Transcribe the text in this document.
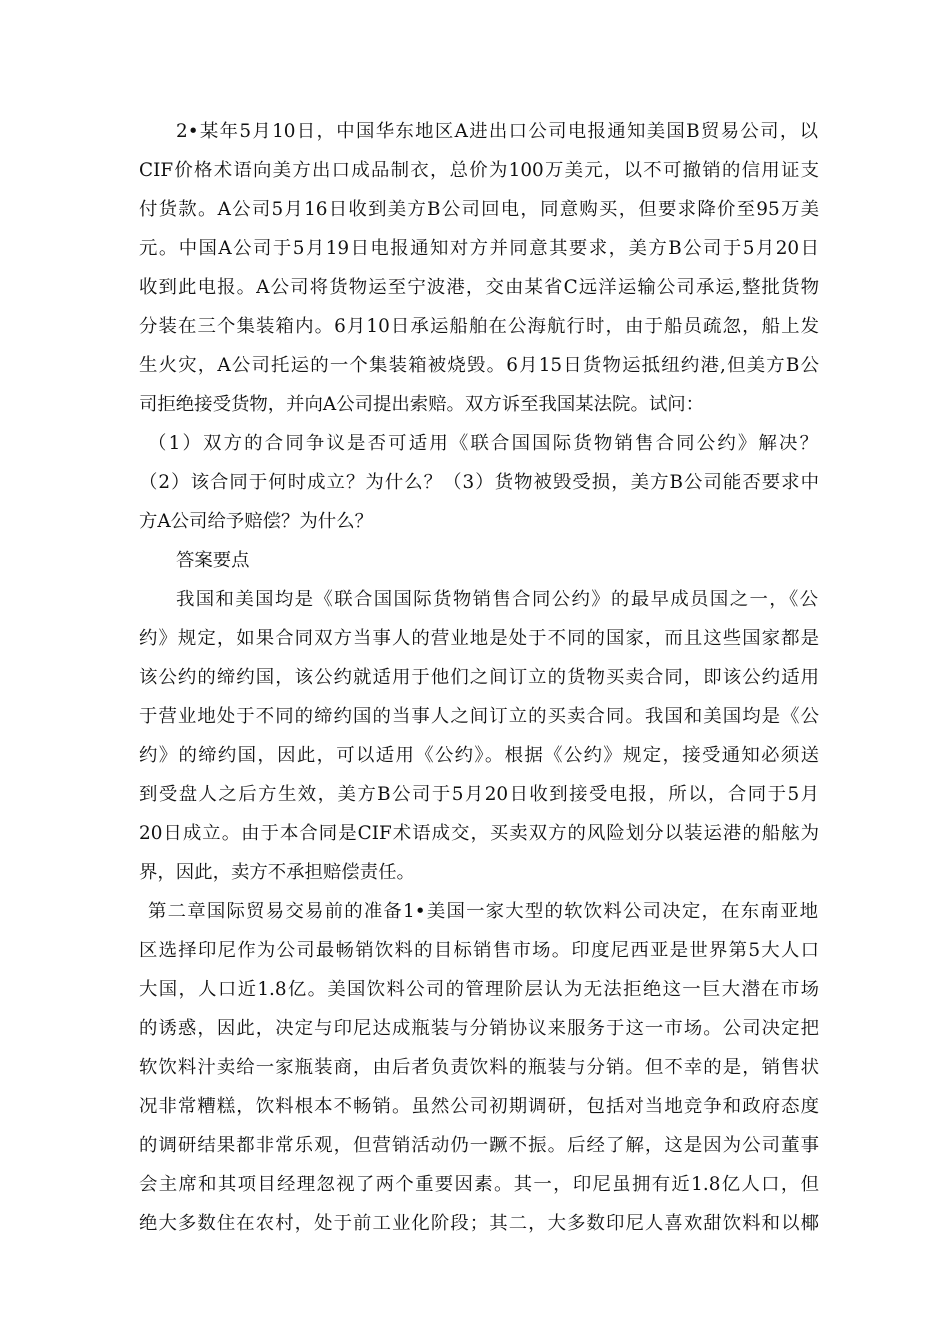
2•某年5月10日，中国华东地区A进出口公司电报通知美国B贸易公司，以
CIF价格术语向美方出口成品制衣，总价为100万美元，以不可撤销的信用证支
付货款。A公司5月16日收到美方B公司回电，同意购买，但要求降价至95万美
元。中国A公司于5月19日电报通知对方并同意其要求，美方B公司于5月20日
收到此电报。A公司将货物运至宁波港，交由某省C远洋运输公司承运,整批货物
分装在三个集装箱内。6月10日承运船舶在公海航行时，由于船员疏忽，船上发
生火灾，A公司托运的一个集装箱被烧毁。6月15日货物运抵纽约港,但美方B公
司拒绝接受货物，并向A公司提出索赔。双方诉至我国某法院。试问：
（1）双方的合同争议是否可适用《联合国国际货物销售合同公约》解决？
（2）该合同于何时成立？为什么？（3）货物被毁受损，美方B公司能否要求中
方A公司给予赔偿？为什么？
答案要点
我国和美国均是《联合国国际货物销售合同公约》的最早成员国之一，《公
约》规定，如果合同双方当事人的营业地是处于不同的国家，而且这些国家都是
该公约的缔约国，该公约就适用于他们之间订立的货物买卖合同，即该公约适用
于营业地处于不同的缔约国的当事人之间订立的买卖合同。我国和美国均是《公
约》的缔约国，因此，可以适用《公约》。根据《公约》规定，接受通知必须送
到受盘人之后方生效，美方B公司于5月20日收到接受电报，所以，合同于5月
20日成立。由于本合同是CIF术语成交，买卖双方的风险划分以装运港的船舷为
界，因此，卖方不承担赔偿责任。
第二章国际贸易交易前的准备1•美国一家大型的软饮料公司决定，在东南亚地
区选择印尼作为公司最畅销饮料的目标销售市场。印度尼西亚是世界第5大人口
大国，人口近1.8亿。美国饮料公司的管理阶层认为无法拒绝这一巨大潜在市场
的诱惑，因此，决定与印尼达成瓶装与分销协议来服务于这一市场。公司决定把
软饮料汁卖给一家瓶装商，由后者负责饮料的瓶装与分销。但不幸的是，销售状
况非常糟糕，饮料根本不畅销。虽然公司初期调研，包括对当地竞争和政府态度
的调研结果都非常乐观，但营销活动仍一蹶不振。后经了解，这是因为公司董事
会主席和其项目经理忽视了两个重要因素。其一，印尼虽拥有近1.8亿人口，但
绝大多数住在农村，处于前工业化阶段；其二，大多数印尼人喜欢甜饮料和以椰
